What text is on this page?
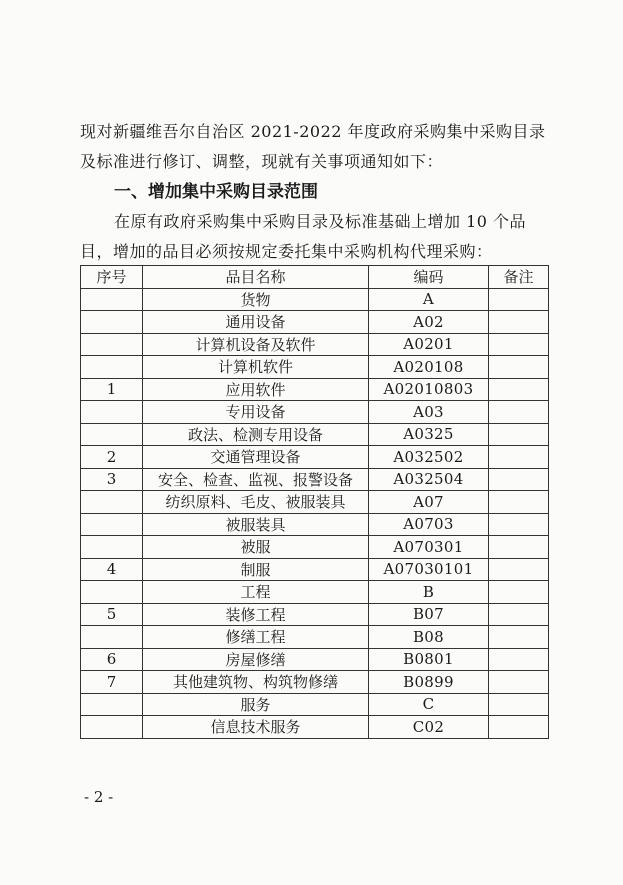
现对新疆维吾尔自治区 2021-2022 年度政府采购集中采购目录及标准进行修订、调整，现就有关事项通知如下：

一、增加集中采购目录范围

在原有政府采购集中采购目录及标准基础上增加 10 个品目，增加的品目必须按规定委托集中采购机构代理采购：

序号	品目名称	编码	备注
	货物	A	
	通用设备	A02	
	计算机设备及软件	A0201	
	计算机软件	A020108	
1	应用软件	A02010803	
	专用设备	A03	
	政法、检测专用设备	A0325	
2	交通管理设备	A032502	
3	安全、检查、监视、报警设备	A032504	
	纺织原料、毛皮、被服装具	A07	
	被服装具	A0703	
	被服	A070301	
4	制服	A07030101	
	工程	B	
5	装修工程	B07	
	修缮工程	B08	
6	房屋修缮	B0801	
7	其他建筑物、构筑物修缮	B0899	
	服务	C	
	信息技术服务	C02	
- 2 -
